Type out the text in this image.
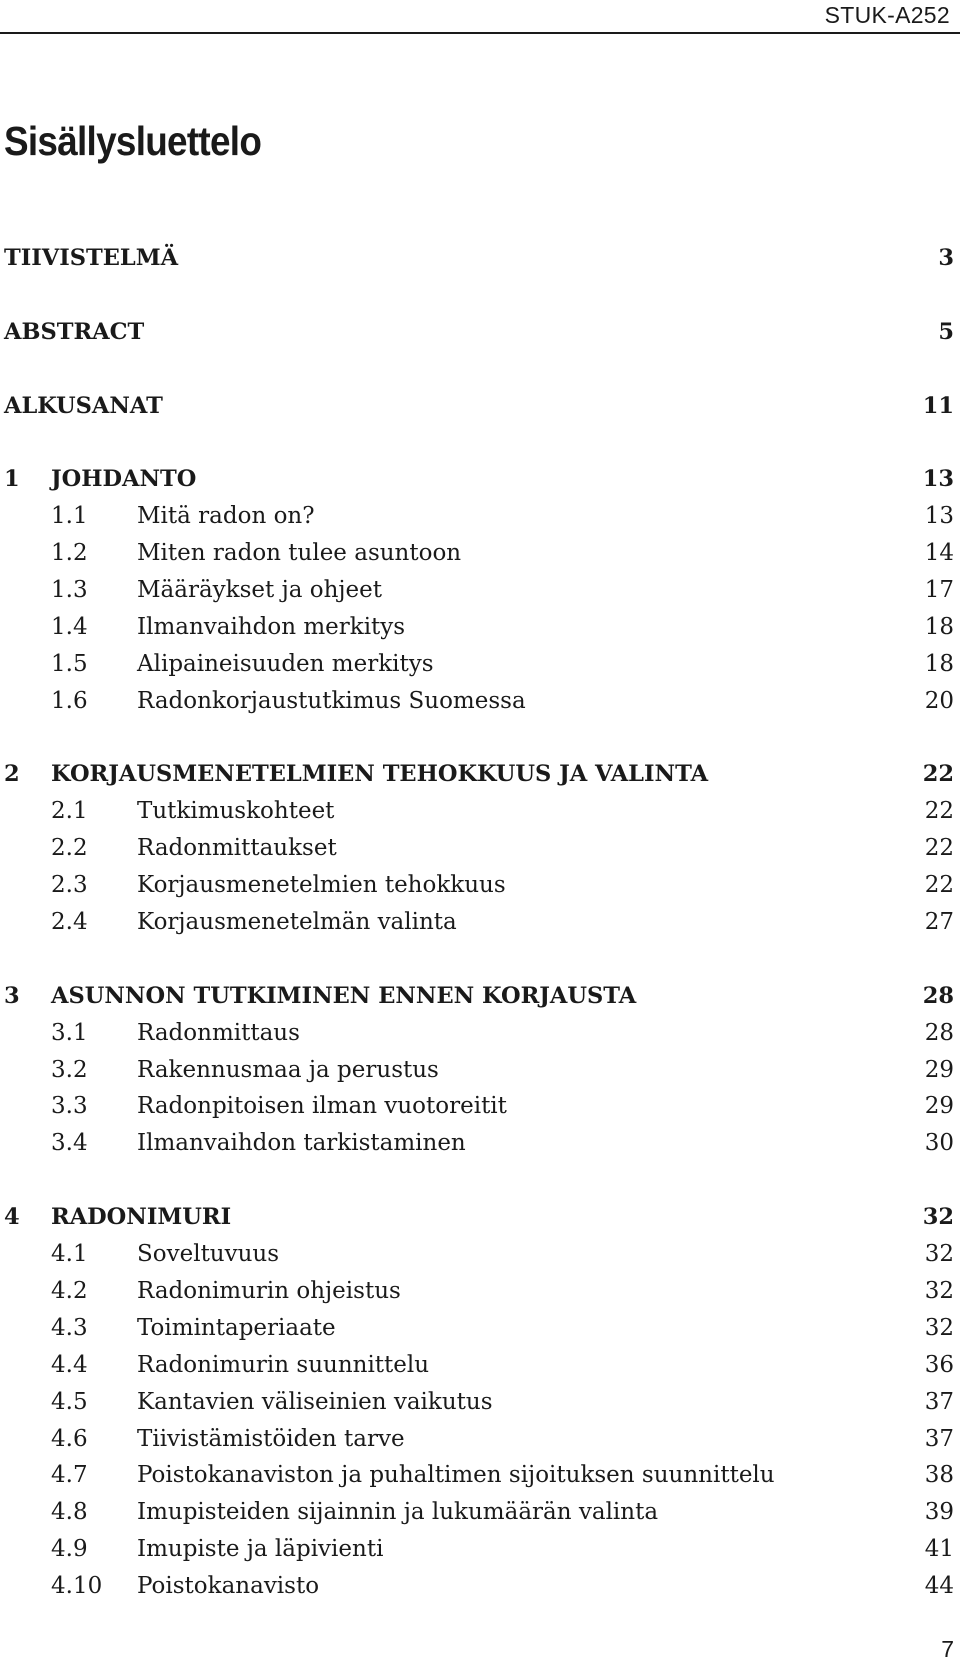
STUK-A252
Sisällysluettelo
TIIVISTELMÄ	3
ABSTRACT	5
ALKUSANAT	11
1 JOHDANTO	13
1.1 Mitä radon on?	13
1.2 Miten radon tulee asuntoon	14
1.3 Määräykset ja ohjeet	17
1.4 Ilmanvaihdon merkitys	18
1.5 Alipaineisuuden merkitys	18
1.6 Radonkorjaustutkimus Suomessa	20
2 KORJAUSMENETELMIEN TEHOKKUUS JA VALINTA	22
2.1 Tutkimuskohteet	22
2.2 Radonmittaukset	22
2.3 Korjausmenetelmien tehokkuus	22
2.4 Korjausmenetelmän valinta	27
3 ASUNNON TUTKIMINEN ENNEN KORJAUSTA	28
3.1 Radonmittaus	28
3.2 Rakennusmaa ja perustus	29
3.3 Radonpitoisen ilman vuotoreitit	29
3.4 Ilmanvaihdon tarkistaminen	30
4 RADONIMURI	32
4.1 Soveltuvuus	32
4.2 Radonimurin ohjeistus	32
4.3 Toimintaperiaate	32
4.4 Radonimurin suunnittelu	36
4.5 Kantavien väliseinien vaikutus	37
4.6 Tiivistämistöiden tarve	37
4.7 Poistokanaviston ja puhaltimen sijoituksen suunnittelu	38
4.8 Imupisteiden sijainnin ja lukumäärän valinta	39
4.9 Imupiste ja läpivienti	41
4.10 Poistokanavisto	44
7
